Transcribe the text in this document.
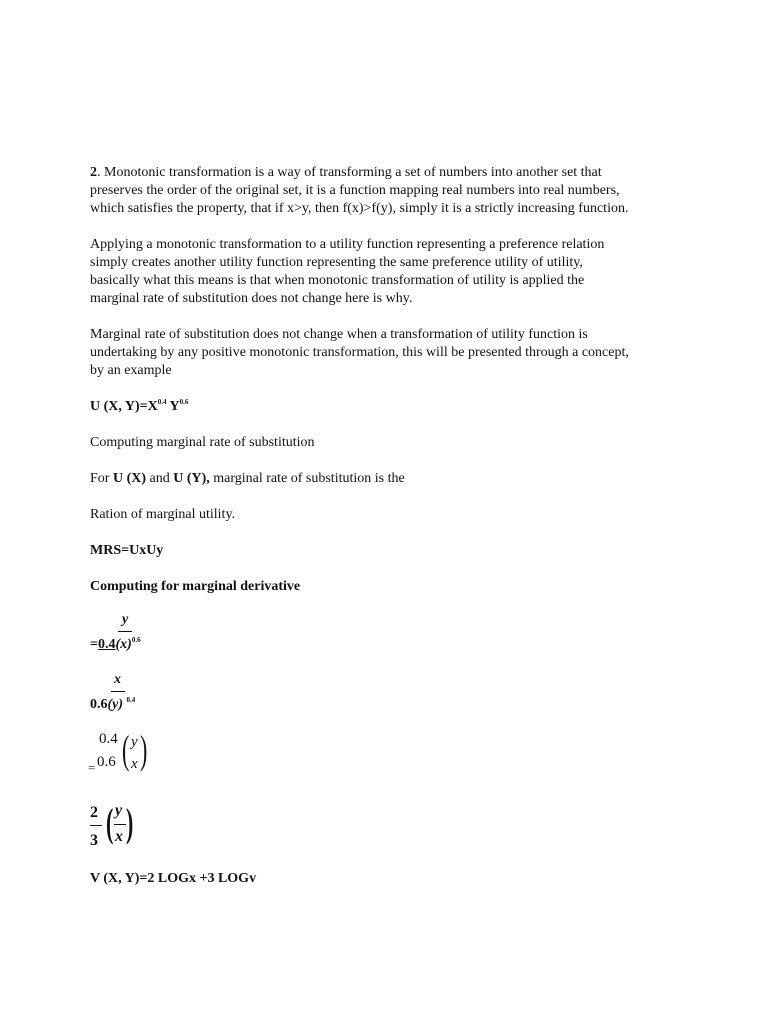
2. Monotonic transformation is a way of transforming a set of numbers into another set that
preserves the order of the original set, it is a function mapping real numbers into real numbers,
which satisfies the property, that if x>y, then f(x)>f(y), simply it is a strictly increasing function.

Applying a monotonic transformation to a utility function representing a preference relation
simply creates another utility function representing the same preference utility of utility,
basically what this means is that when monotonic transformation of utility is applied the
marginal rate of substitution does not change here is why.

Marginal rate of substitution does not change when a transformation of utility function is
undertaking by any positive monotonic transformation, this will be presented through a concept,
by an example

U (X, $Y)=X^{0.4}$ $Y^{0.6}$

Computing marginal rate of substitution

For U (X) and U (Y), marginal rate of substitution is the

Ration of marginal utility.

MRS=UxUy

Computing for marginal derivative

y
$=0.4(x)^{0.6}$
x
0.6(y) $^{0.4}$
0.4
= 0.6 ( y
x )
2
3 ( y
x )

V (X, Y)=2 LOGx +3 LOGv
